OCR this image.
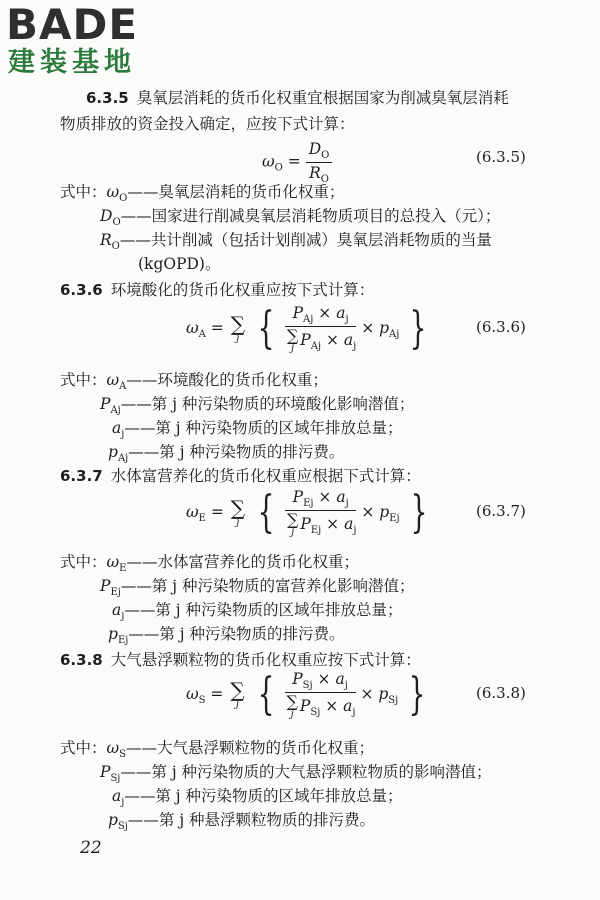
BADE
建装基地
6.3.5 臭氧层消耗的货币化权重宜根据国家为削减臭氧层消耗
物质排放的资金投入确定，应按下式计算：
$\omega_O = \frac{D_O}{R_O}$	(6.3.5)
式中：$\omega_O——$臭氧层消耗的货币化权重；
$D_O——$国家进行削减臭氧层消耗物质项目的总投入（元）；
$R_O——$共计削减（包括计划削减）臭氧层消耗物质的当量
(kgOPD)。
6.3.6 环境酸化的货币化权重应按下式计算：
$\omega_A$ = ∑
j { $P_{Aj} \times a_j$
∑
j $P_{Aj} \times a_j \times p_{Aj}$ }	(6.3.6)
式中：$\omega_A——$环境酸化的货币化权重；
$P_{Aj}——$第 j 种污染物质的环境酸化影响潜值；
$a_j——$第 j 种污染物质的区域年排放总量；
$p_{Aj}——$第 j 种污染物质的排污费。
6.3.7 水体富营养化的货币化权重应根据下式计算：
$\omega_E$ = ∑
j { $P_{Ej} \times a_j$
∑
j $P_{Ej} \times a_j \times p_{Ej}$ }	(6.3.7)
式中：$\omega_E——$水体富营养化的货币化权重；
$P_{Ej}——$第 j 种污染物质的富营养化影响潜值；
$a_j——$第 j 种污染物质的区域年排放总量；
$p_{Ej}——$第 j 种污染物质的排污费。
6.3.8 大气悬浮颗粒物的货币化权重应按下式计算：
$\omega_S$ = ∑
j { $P_{Sj} \times a_j$
∑
j $P_{Sj} \times a_j \times p_{Sj}$ }	(6.3.8)
式中：$\omega_S——$大气悬浮颗粒物的货币化权重；
$P_{Sj}——$第 j 种污染物质的大气悬浮颗粒物质的影响潜值；
$a_j——$第 j 种污染物质的区域年排放总量；
$p_{Sj}——$第 j 种悬浮颗粒物质的排污费。
22
